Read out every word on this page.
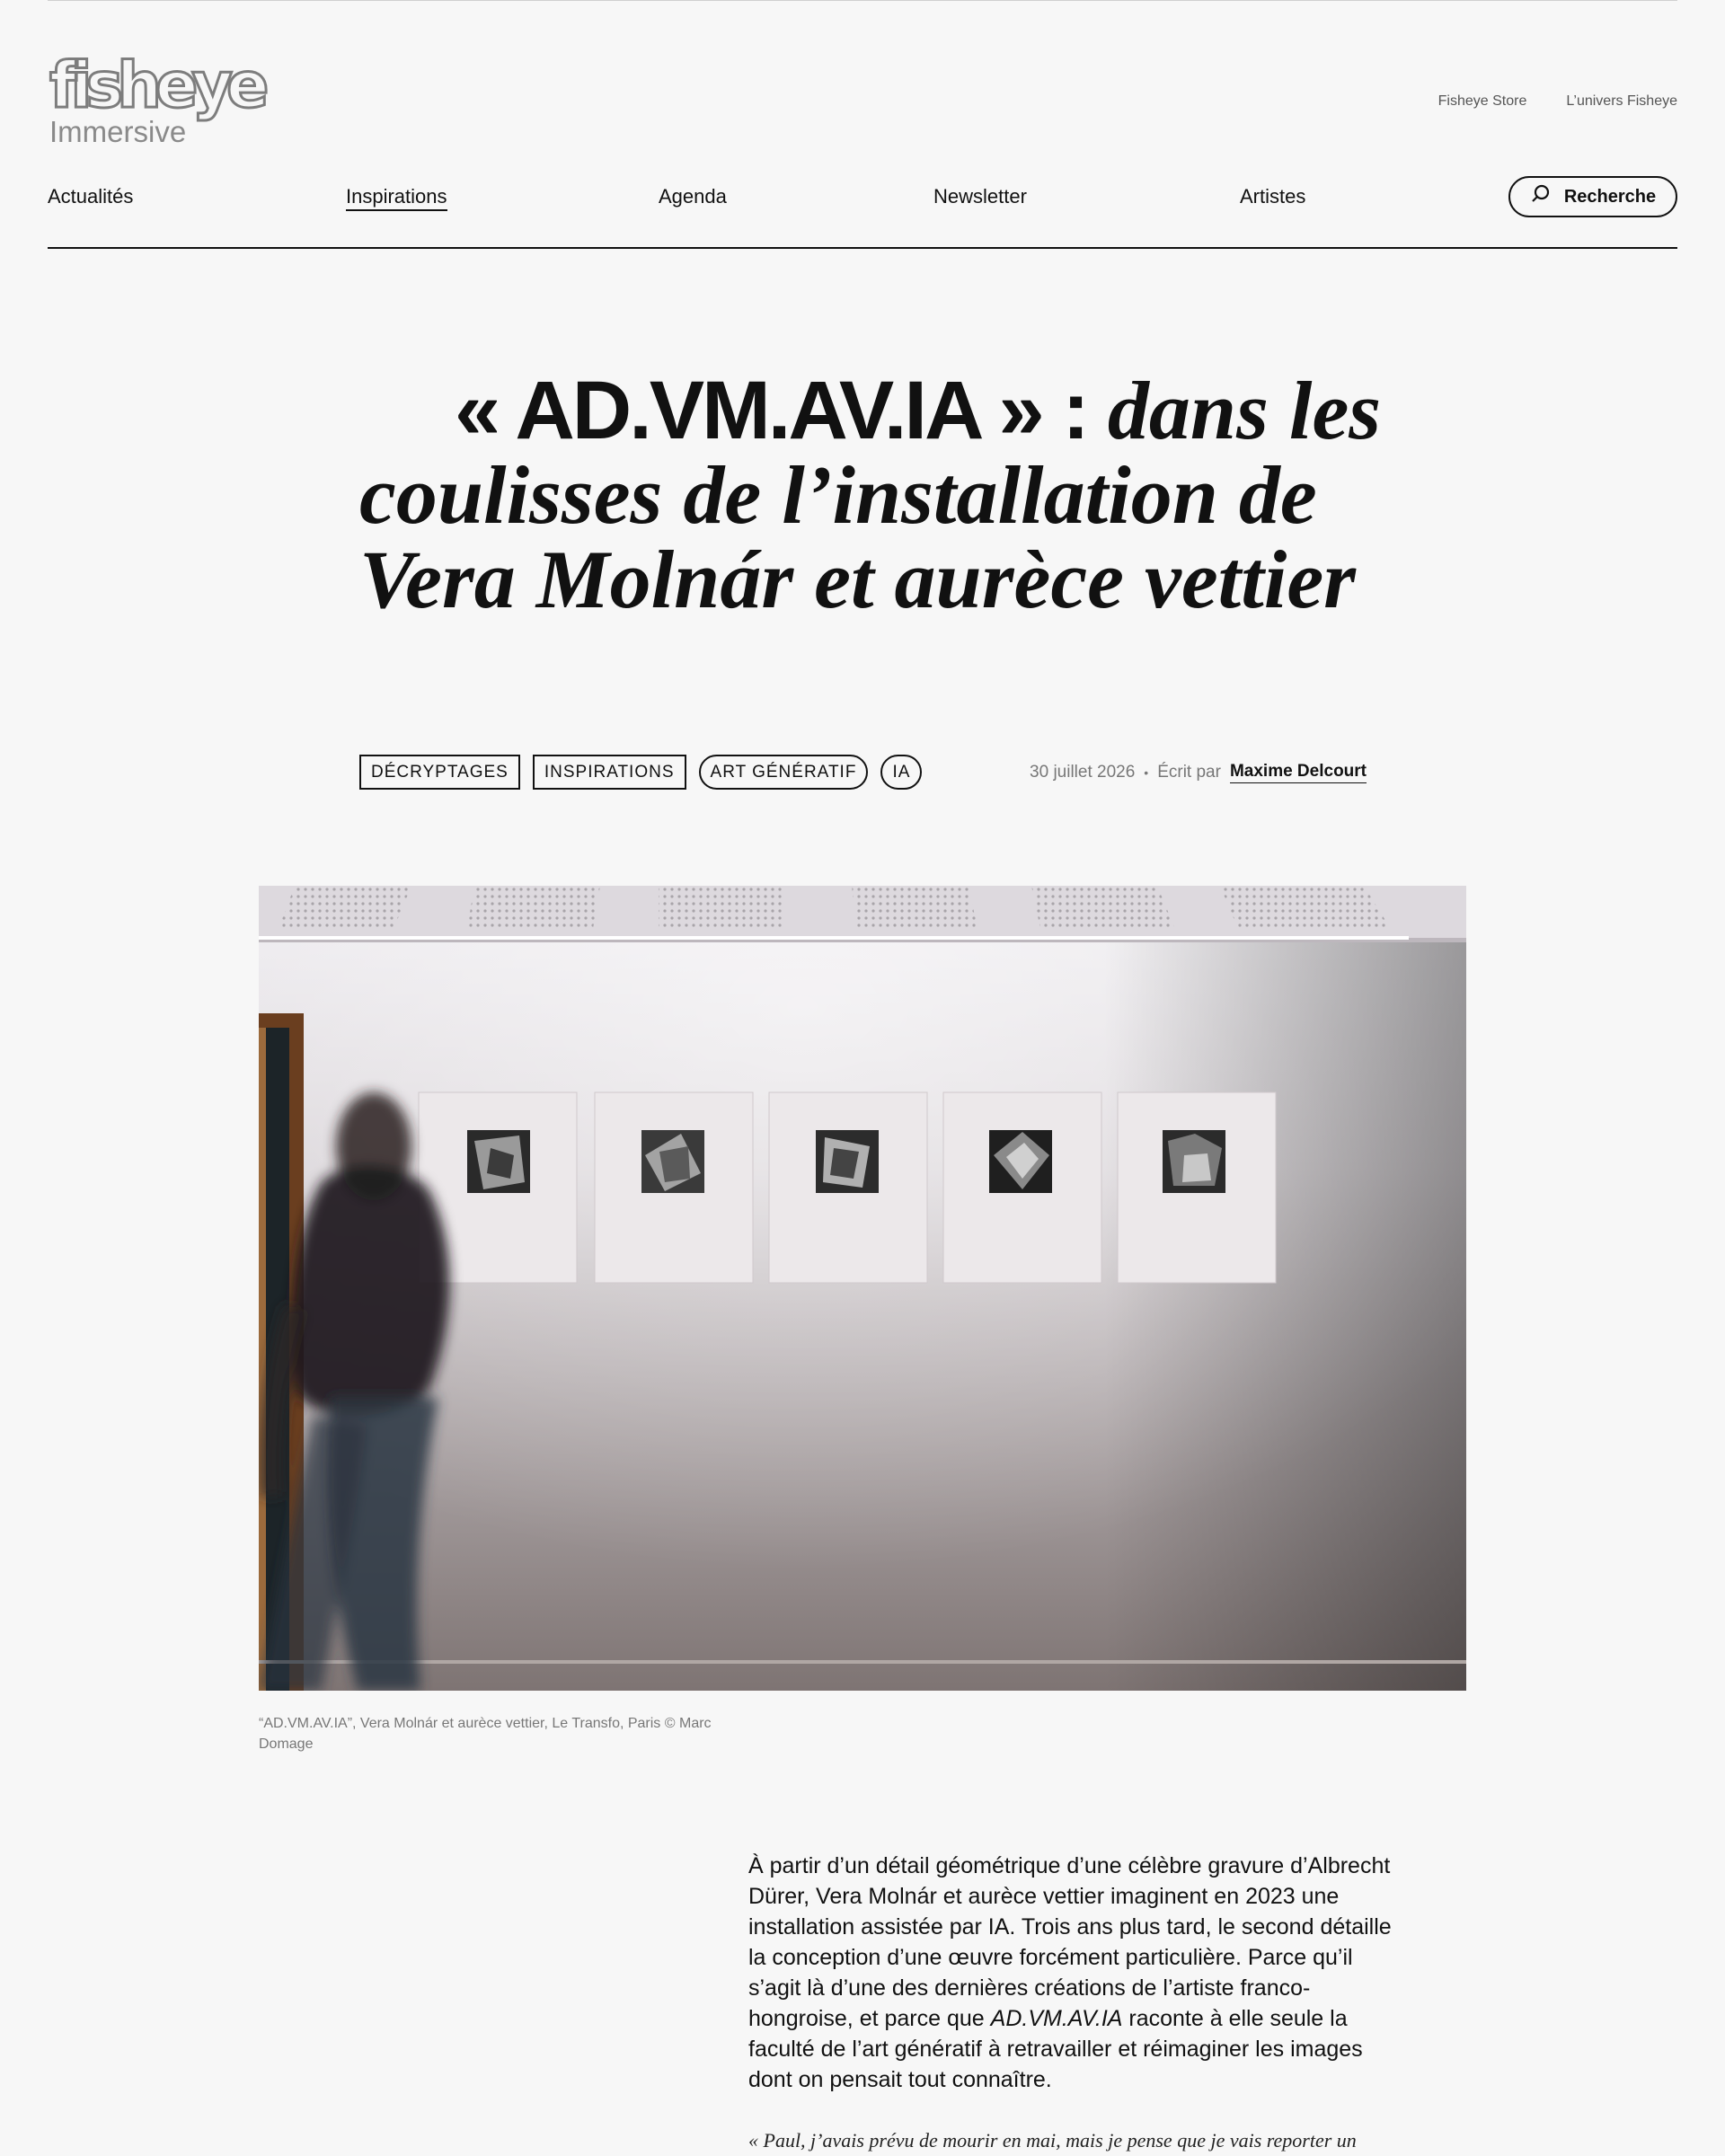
fisheye
Immersive
Fisheye Store	L’univers Fisheye
Actualités	Inspirations	Agenda	Newsletter	Artistes	Recherche
« AD.VM.AV.IA » : dans les coulisses de l’installation de Vera Molnár et aurèce vettier
DÉCRYPTAGES	INSPIRATIONS	ART GÉNÉRATIF	IA	30 juillet 2026 • Écrit par Maxime Delcourt

“AD.VM.AV.IA”, Vera Molnár et aurèce vettier, Le Transfo, Paris © Marc Domage

À partir d’un détail géométrique d’une célèbre gravure d’Albrecht Dürer, Vera Molnár et aurèce vettier imaginent en 2023 une installation assistée par IA. Trois ans plus tard, le second détaille la conception d’une œuvre forcément particulière. Parce qu’il s’agit là d’une des dernières créations de l’artiste franco-hongroise, et parce que AD.VM.AV.IA raconte à elle seule la faculté de l’art génératif à retravailler et réimaginer les images dont on pensait tout connaître.

« Paul, j’avais prévu de mourir en mai, mais je pense que je vais reporter un
